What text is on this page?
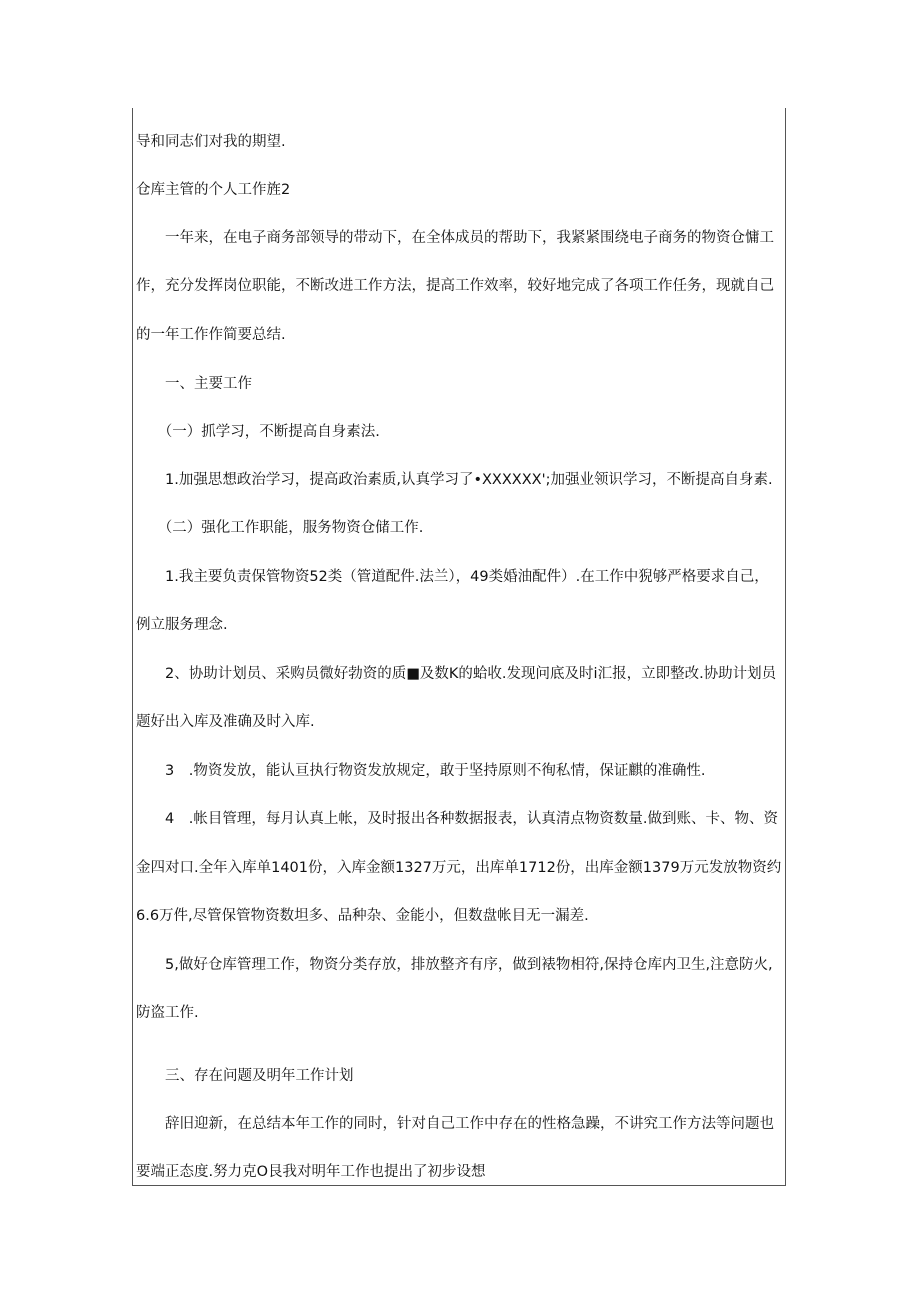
导和同志们对我的期望.
仓库主管的个人工作旌2
　　一年来，在电子商务部领导的带动下，在全体成员的帮助下，我紧紧围绕电子商务的物资仓慵工
作，充分发挥岗位职能，不断改进工作方法，提高工作效率，较好地完成了各项工作任务，现就自己
的一年工作作简要总结.
　　一、主要工作
　　（一）抓学习，不断提高自身素法.
　　1.加强思想政治学习，提高政治素质,认真学习了•XXXXXX';加强业领识学习，不断提高自身素.
　　（二）强化工作职能，服务物资仓储工作.
　　1.我主要负责保管物资52类（管道配件.法兰），49类婚油配件）.在工作中猊够严格要求自己，
例立服务理念.
　　2、协助计划员、采购员微好勃资的质■及数K的蛤收.发现问底及时i汇报，立即整改.协助计划员
题好出入库及准确及时入库.
　　3　.物资发放，能认亘执行物资发放规定，敢于坚持原则不徇私情，保证麒的准确性.
　　4　.帐目管理，每月认真上帐，及时报出各种数据报表，认真清点物资数量.做到账、卡、物、资
金四对口.全年入库单1401份，入库金额1327万元，出库单1712份，出库金额1379万元发放物资约
6.6万件,尽管保管物资数坦多、品种杂、金能小，但数盘帐目无一漏差.
　　5,做好仓库管理工作，物资分类存放，排放整齐有序，做到裱物相符,保持仓库内卫生,注意防火,
防盗工作.
　　三、存在问题及明年工作计划
　　辞旧迎新，在总结本年工作的同时，针对自己工作中存在的性格急躁，不讲究工作方法等问题也
要端正态度.努力克O艮我对明年工作也提出了初步设想
